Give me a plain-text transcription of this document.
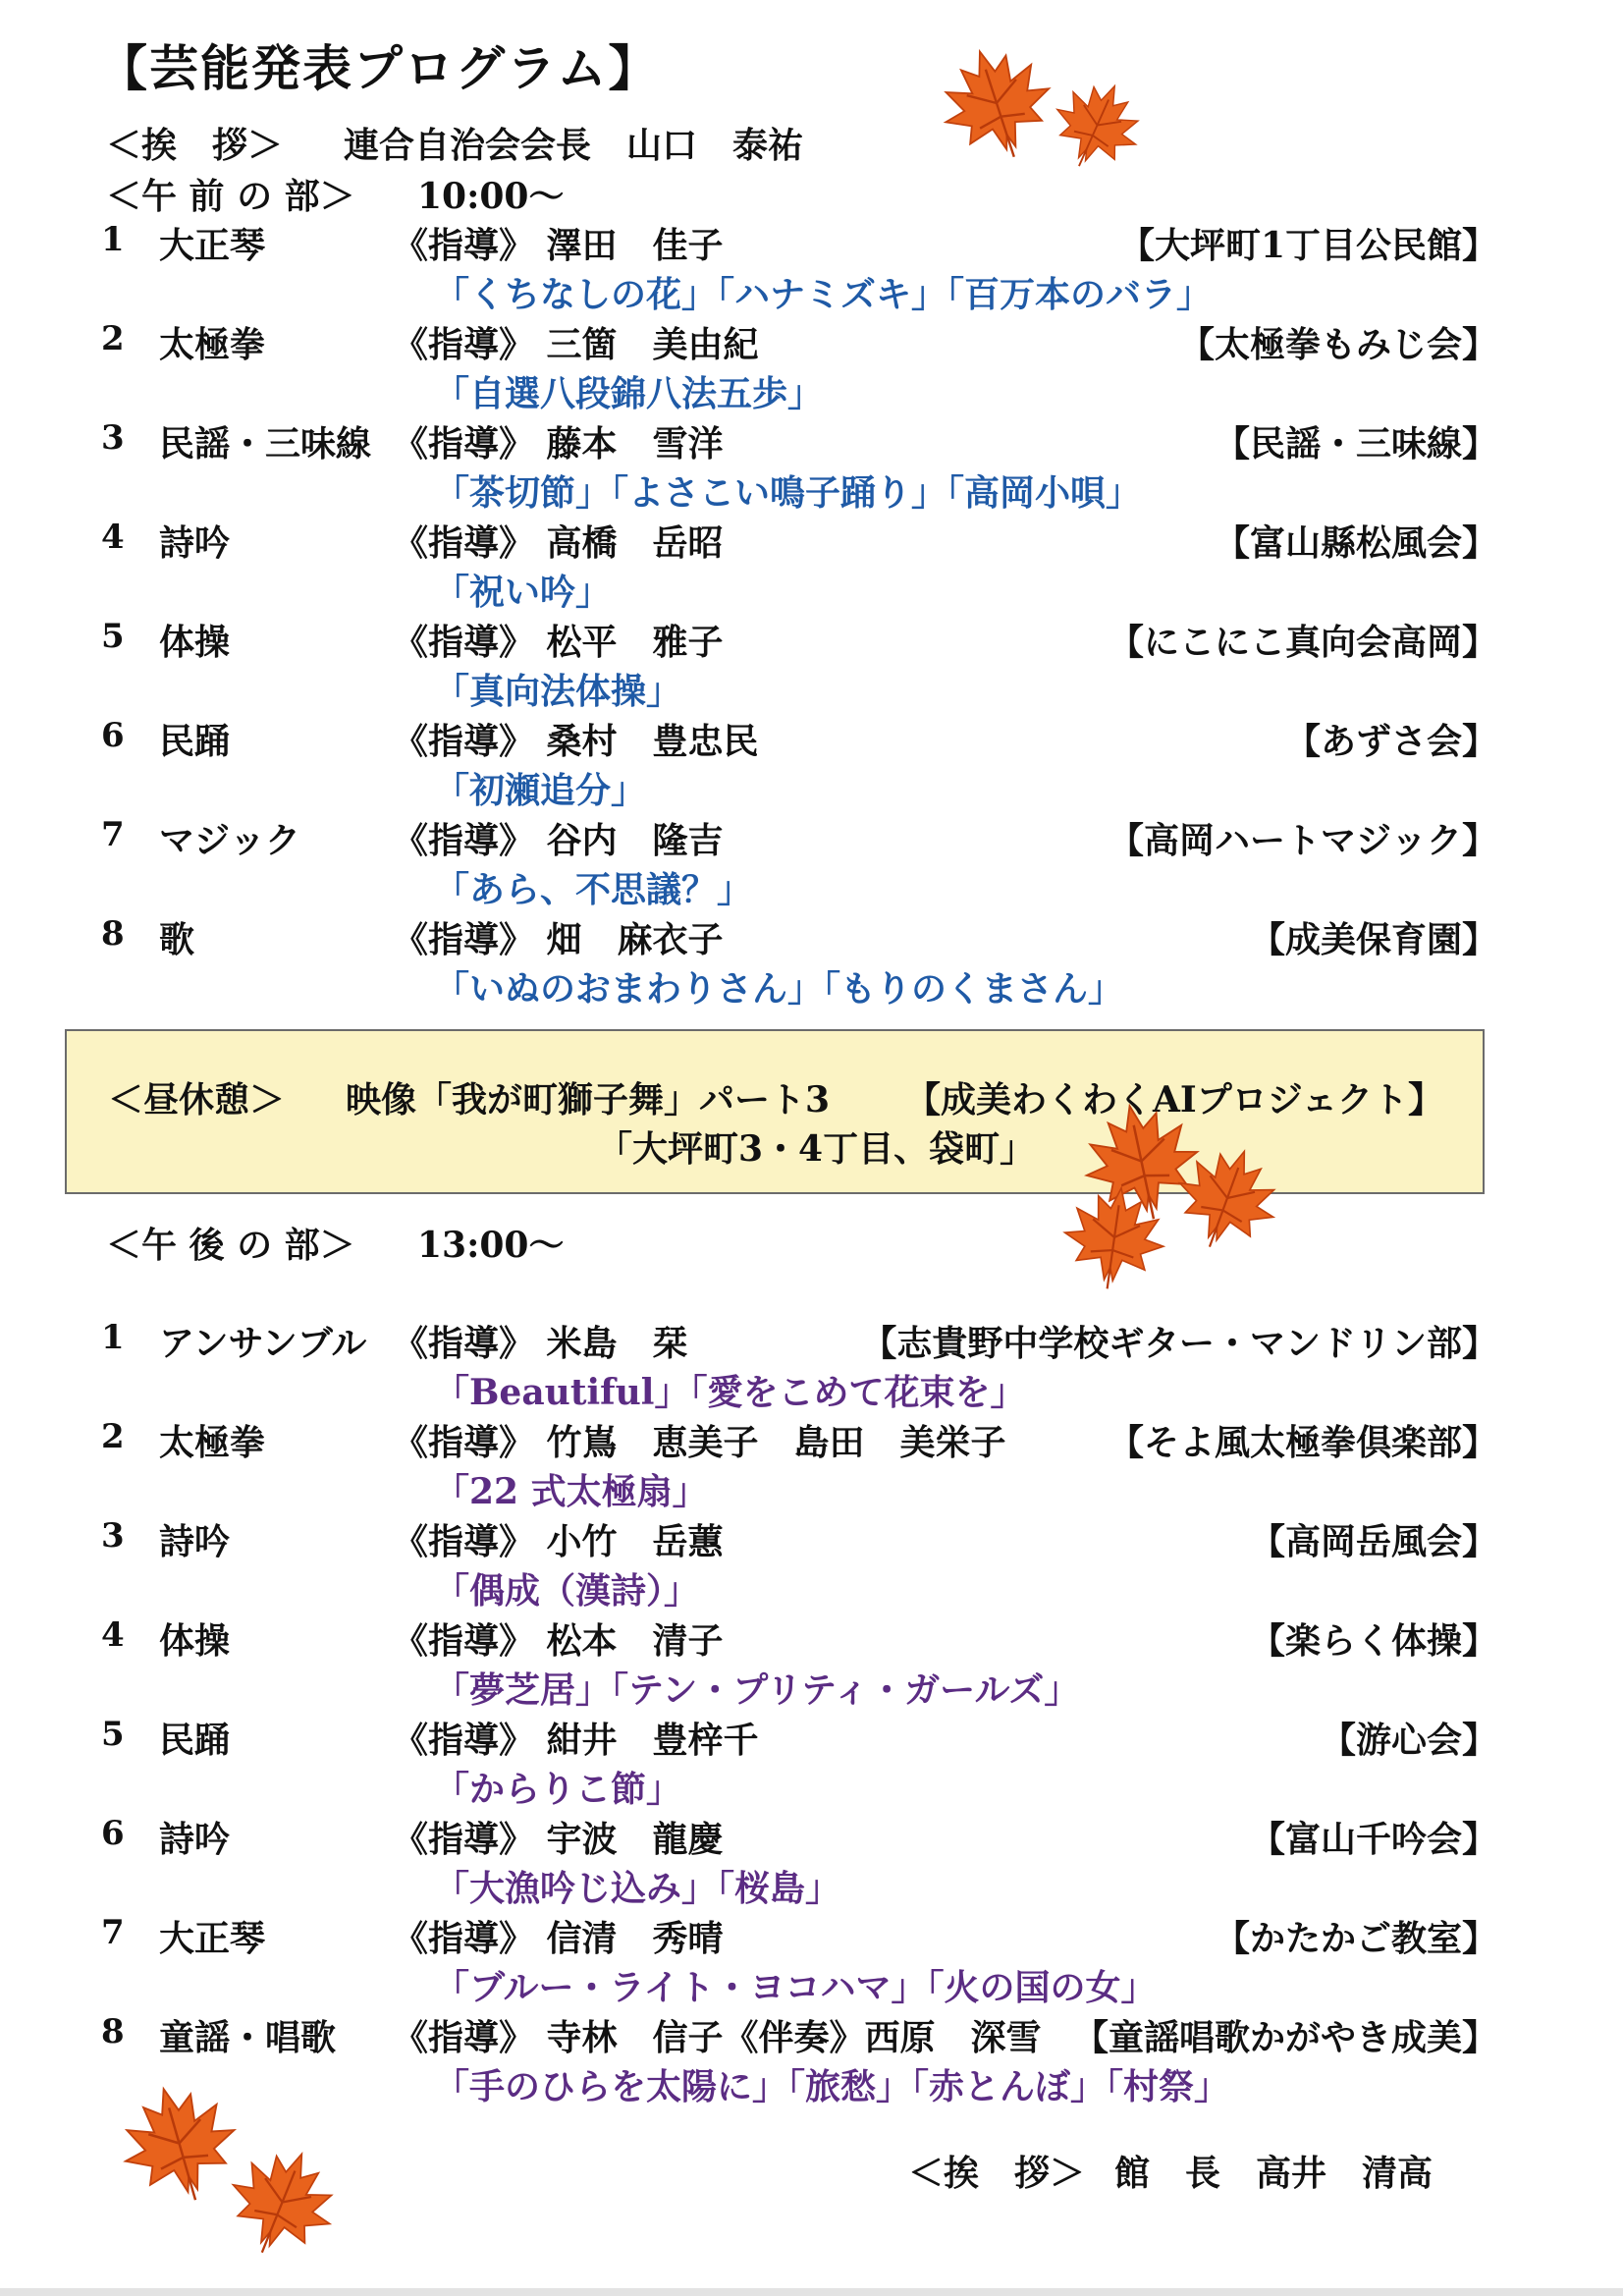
【芸能発表プログラム】
＜挨　拶＞ 連合自治会会長　山口　泰祐
＜午 前 の 部＞ 10:00～
1 大正琴	《指導》 澤田　佳子	【大坪町1丁目公民館】
「くちなしの花」「ハナミズキ」「百万本のバラ」
2 太極拳	《指導》 三箇　美由紀	【太極拳もみじ会】
「自選八段錦八法五歩」
3 民謡・三味線 《指導》 藤本　雪洋	【民謡・三味線】
「茶切節」「よさこい鳴子踊り」「高岡小唄」
4 詩吟	《指導》 高橋　岳昭	【富山縣松風会】
「祝い吟」
5 体操	《指導》 松平　雅子	【にこにこ真向会高岡】
「真向法体操」
6 民踊	《指導》 桑村　豊忠民	【あずさ会】
「初瀬追分」
7 マジック	《指導》 谷内　隆吉	【高岡ハートマジック】
「あら、不思議？」
8 歌	《指導》 畑　麻衣子	【成美保育園】
「いぬのおまわりさん」「もりのくまさん」
＜昼休憩＞ 映像「我が町獅子舞」パート3 【成美わくわくAIプロジェクト】
「大坪町3・4丁目、袋町」
＜午 後 の 部＞ 13:00～
1 アンサンブル 《指導》 米島　栞	【志貴野中学校ギター・マンドリン部】
「Beautiful」「愛をこめて花束を」
2 太極拳	《指導》 竹嶌　恵美子　島田　美栄子	【そよ風太極拳倶楽部】
「22 式太極扇」
3 詩吟	《指導》 小竹　岳蕙	【高岡岳風会】
「偶成（漢詩）」
4 体操	《指導》 松本　清子	【楽らく体操】
「夢芝居」「テン・プリティ・ガールズ」
5 民踊	《指導》 紺井　豊梓千	【游心会】
「からりこ節」
6 詩吟	《指導》 宇波　龍慶	【富山千吟会】
「大漁吟じ込み」「桜島」
7 大正琴	《指導》 信清　秀晴	【かたかご教室】
「ブルー・ライト・ヨコハマ」「火の国の女」
8 童謡・唱歌 《指導》 寺林　信子《伴奏》西原　深雪 【童謡唱歌かがやき成美】
「手のひらを太陽に」「旅愁」「赤とんぼ」「村祭」
＜挨　拶＞ 館　長　高井　清高
